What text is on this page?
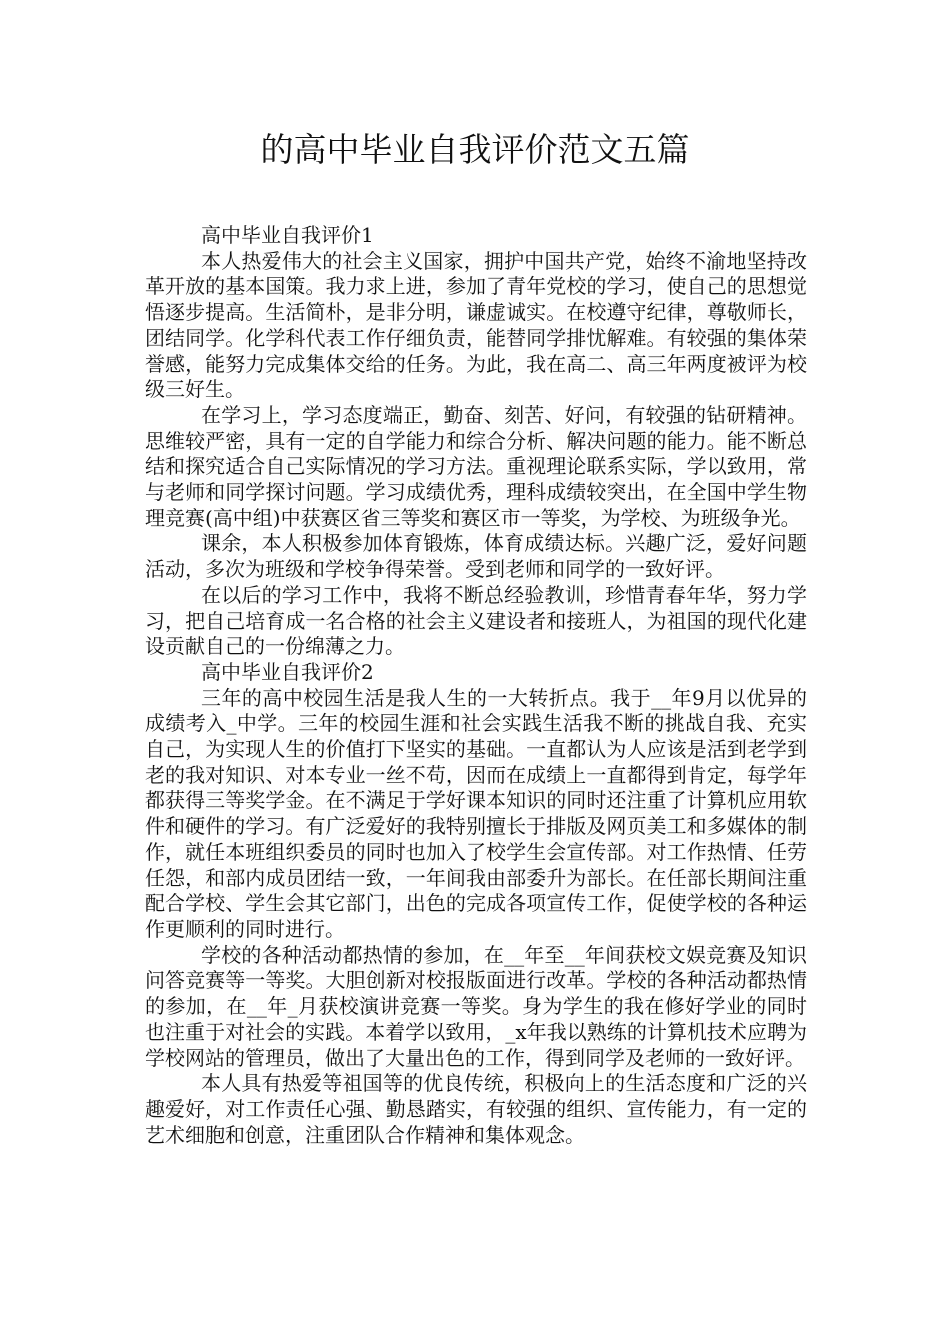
的高中毕业自我评价范文五篇

高中毕业自我评价1

本人热爱伟大的社会主义国家，拥护中国共产党，始终不渝地坚持改革开放的基本国策。我力求上进，参加了青年党校的学习，使自己的思想觉悟逐步提高。生活简朴，是非分明，谦虚诚实。在校遵守纪律，尊敬师长，团结同学。化学科代表工作仔细负责，能替同学排忧解难。有较强的集体荣誉感，能努力完成集体交给的任务。为此，我在高二、高三年两度被评为校级三好生。

在学习上，学习态度端正，勤奋、刻苦、好问，有较强的钻研精神。思维较严密，具有一定的自学能力和综合分析、解决问题的能力。能不断总结和探究适合自己实际情况的学习方法。重视理论联系实际，学以致用，常与老师和同学探讨问题。学习成绩优秀，理科成绩较突出，在全国中学生物理竞赛(高中组)中获赛区省三等奖和赛区市一等奖，为学校、为班级争光。

课余，本人积极参加体育锻炼，体育成绩达标。兴趣广泛，爱好问题活动，多次为班级和学校争得荣誉。受到老师和同学的一致好评。

在以后的学习工作中，我将不断总经验教训，珍惜青春年华，努力学习，把自己培育成一名合格的社会主义建设者和接班人，为祖国的现代化建设贡献自己的一份绵薄之力。

高中毕业自我评价2

三年的高中校园生活是我人生的一大转折点。我于__年9月以优异的成绩考入_中学。三年的校园生涯和社会实践生活我不断的挑战自我、充实自己，为实现人生的价值打下坚实的基础。一直都认为人应该是活到老学到老的我对知识、对本专业一丝不苟，因而在成绩上一直都得到肯定，每学年都获得三等奖学金。在不满足于学好课本知识的同时还注重了计算机应用软件和硬件的学习。有广泛爱好的我特别擅长于排版及网页美工和多媒体的制作，就任本班组织委员的同时也加入了校学生会宣传部。对工作热情、任劳任怨，和部内成员团结一致，一年间我由部委升为部长。在任部长期间注重配合学校、学生会其它部门，出色的完成各项宣传工作，促使学校的各种运作更顺利的同时进行。

学校的各种活动都热情的参加，在__年至__年间获校文娱竞赛及知识问答竞赛等一等奖。大胆创新对校报版面进行改革。学校的各种活动都热情的参加，在__年_月获校演讲竞赛一等奖。身为学生的我在修好学业的同时也注重于对社会的实践。本着学以致用，_x年我以熟练的计算机技术应聘为学校网站的管理员，做出了大量出色的工作，得到同学及老师的一致好评。

本人具有热爱等祖国等的优良传统，积极向上的生活态度和广泛的兴趣爱好，对工作责任心强、勤恳踏实，有较强的组织、宣传能力，有一定的艺术细胞和创意，注重团队合作精神和集体观念。
